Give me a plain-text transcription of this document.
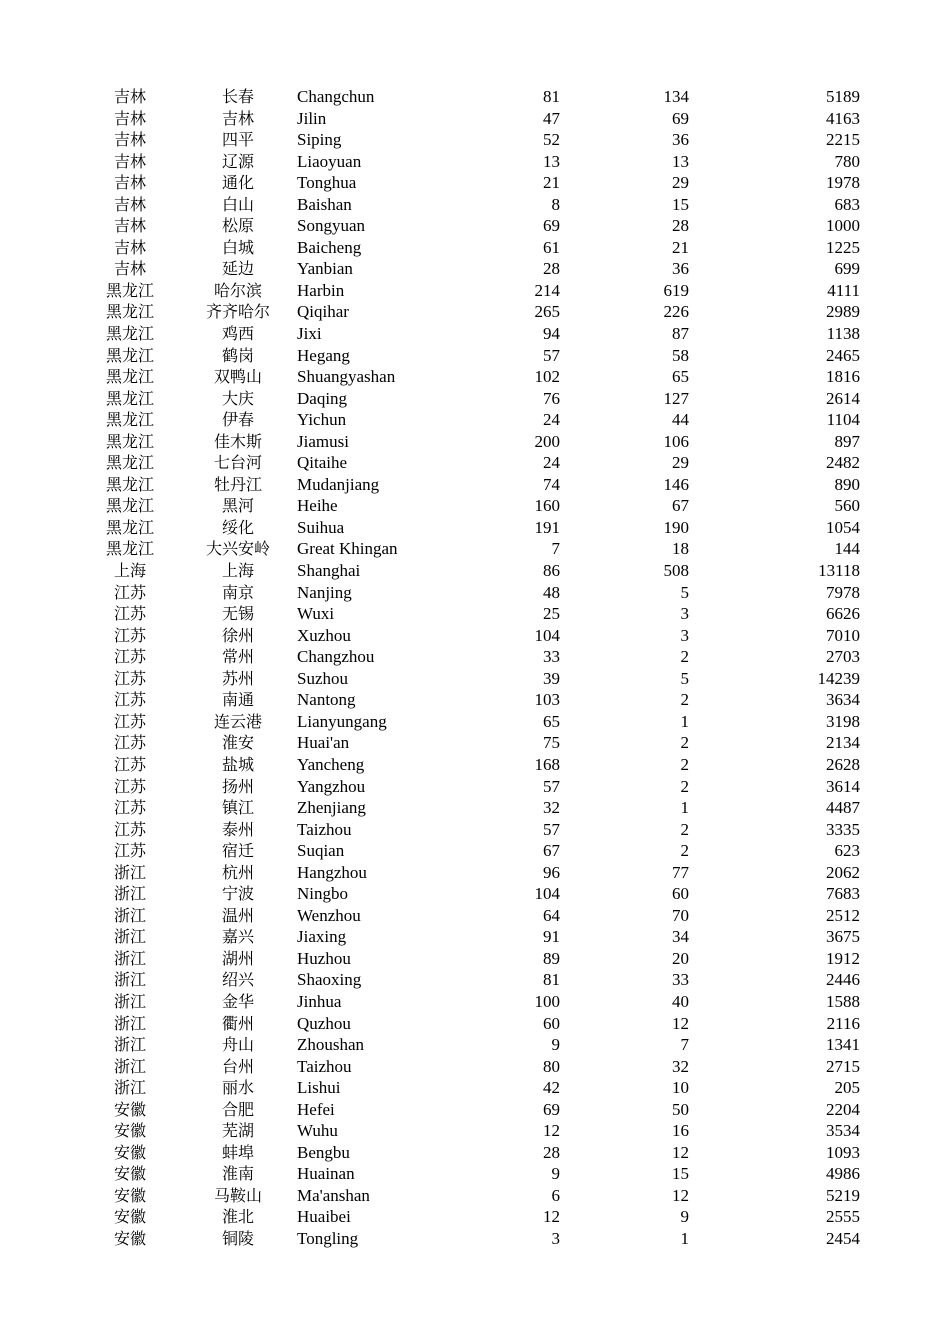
吉林	长春	Changchun	81	134	5189
吉林	吉林	Jilin	47	69	4163
吉林	四平	Siping	52	36	2215
吉林	辽源	Liaoyuan	13	13	780
吉林	通化	Tonghua	21	29	1978
吉林	白山	Baishan	8	15	683
吉林	松原	Songyuan	69	28	1000
吉林	白城	Baicheng	61	21	1225
吉林	延边	Yanbian	28	36	699
黑龙江	哈尔滨	Harbin	214	619	4111
黑龙江	齐齐哈尔	Qiqihar	265	226	2989
黑龙江	鸡西	Jixi	94	87	1138
黑龙江	鹤岗	Hegang	57	58	2465
黑龙江	双鸭山	Shuangyashan	102	65	1816
黑龙江	大庆	Daqing	76	127	2614
黑龙江	伊春	Yichun	24	44	1104
黑龙江	佳木斯	Jiamusi	200	106	897
黑龙江	七台河	Qitaihe	24	29	2482
黑龙江	牡丹江	Mudanjiang	74	146	890
黑龙江	黑河	Heihe	160	67	560
黑龙江	绥化	Suihua	191	190	1054
黑龙江	大兴安岭	Great Khingan	7	18	144
上海	上海	Shanghai	86	508	13118
江苏	南京	Nanjing	48	5	7978
江苏	无锡	Wuxi	25	3	6626
江苏	徐州	Xuzhou	104	3	7010
江苏	常州	Changzhou	33	2	2703
江苏	苏州	Suzhou	39	5	14239
江苏	南通	Nantong	103	2	3634
江苏	连云港	Lianyungang	65	1	3198
江苏	淮安	Huai'an	75	2	2134
江苏	盐城	Yancheng	168	2	2628
江苏	扬州	Yangzhou	57	2	3614
江苏	镇江	Zhenjiang	32	1	4487
江苏	泰州	Taizhou	57	2	3335
江苏	宿迁	Suqian	67	2	623
浙江	杭州	Hangzhou	96	77	2062
浙江	宁波	Ningbo	104	60	7683
浙江	温州	Wenzhou	64	70	2512
浙江	嘉兴	Jiaxing	91	34	3675
浙江	湖州	Huzhou	89	20	1912
浙江	绍兴	Shaoxing	81	33	2446
浙江	金华	Jinhua	100	40	1588
浙江	衢州	Quzhou	60	12	2116
浙江	舟山	Zhoushan	9	7	1341
浙江	台州	Taizhou	80	32	2715
浙江	丽水	Lishui	42	10	205
安徽	合肥	Hefei	69	50	2204
安徽	芜湖	Wuhu	12	16	3534
安徽	蚌埠	Bengbu	28	12	1093
安徽	淮南	Huainan	9	15	4986
安徽	马鞍山	Ma'anshan	6	12	5219
安徽	淮北	Huaibei	12	9	2555
安徽	铜陵	Tongling	3	1	2454
